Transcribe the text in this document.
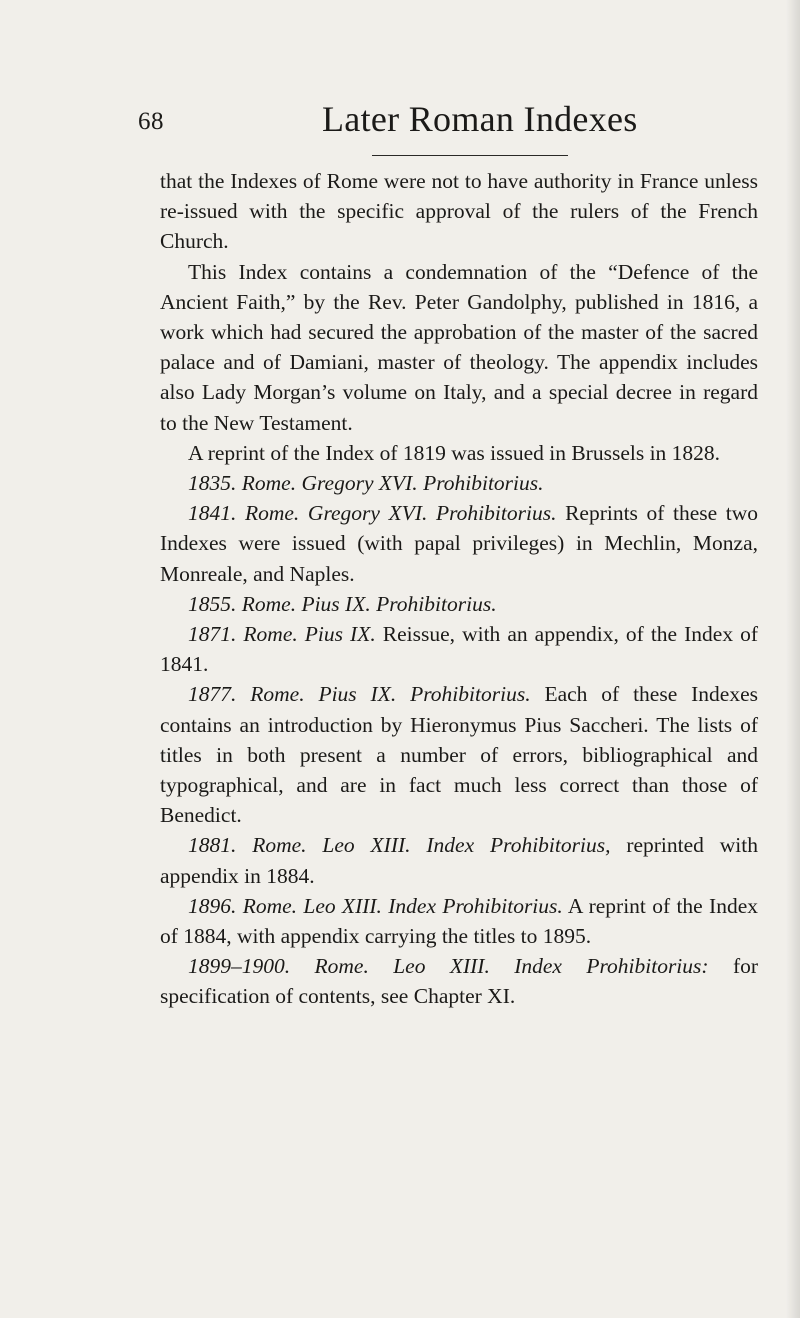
68	Later Roman Indexes

that the Indexes of Rome were not to have authority in France unless re-issued with the specific approval of the rulers of the French Church.

This Index contains a condemnation of the “Defence of the Ancient Faith,” by the Rev. Peter Gandolphy, published in 1816, a work which had secured the approbation of the master of the sacred palace and of Damiani, master of theology. The appendix includes also Lady Morgan’s volume on Italy, and a special decree in regard to the New Testament.

A reprint of the Index of 1819 was issued in Brussels in 1828.

1835. Rome. Gregory XVI. Prohibitorius.

1841. Rome. Gregory XVI. Prohibitorius. Reprints of these two Indexes were issued (with papal privileges) in Mechlin, Monza, Monreale, and Naples.

1855. Rome. Pius IX. Prohibitorius.

1871. Rome. Pius IX. Reissue, with an appendix, of the Index of 1841.

1877. Rome. Pius IX. Prohibitorius. Each of these Indexes contains an introduction by Hieronymus Pius Saccheri. The lists of titles in both present a number of errors, bibliographical and typographical, and are in fact much less correct than those of Benedict.

1881. Rome. Leo XIII. Index Prohibitorius, reprinted with appendix in 1884.

1896. Rome. Leo XIII. Index Prohibitorius. A reprint of the Index of 1884, with appendix carrying the titles to 1895.

1899–1900. Rome. Leo XIII. Index Prohibitorius: for specification of contents, see Chapter XI.
